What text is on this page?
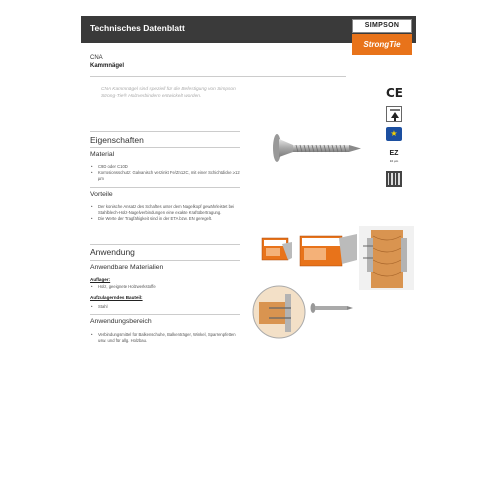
Technisches Datenblatt	SIMPSON
StrongTie
CNA
Kammnägel
CNA Kammnägel sind speziell für die Befestigung von Simpson Strong-Tie® Holzverbindern entwickelt worden.
Eigenschaften
Material
• C9D oder C10D
• Korrosionsschutz: Galvanisch verzinkt Fe/Zn12C, mit einer Schichtdicke ≥12 µm
Vorteile
• Der konische Ansatz des Schaftes unter dem Nagelkopf gewährleistet bei Stahlblech-Holz-Nagelverbindungen eine exakte Kraftübertragung.
• Die Werte der Tragfähigkeit sind in der ETA bzw. EN geregelt.
Anwendung
Anwendbare Materialien
Auflager:
• Holz, geeignete Holzwerkstoffe
Aufzulagerndes Bauteil:
• Stahl
Anwendungsbereich
• Verbindungsmittel für Balkenschuhe, Balkenträger, Winkel, Sparrenpfetten usw. und für allg. Holzbau.
CE
★
EZ
10 µm
